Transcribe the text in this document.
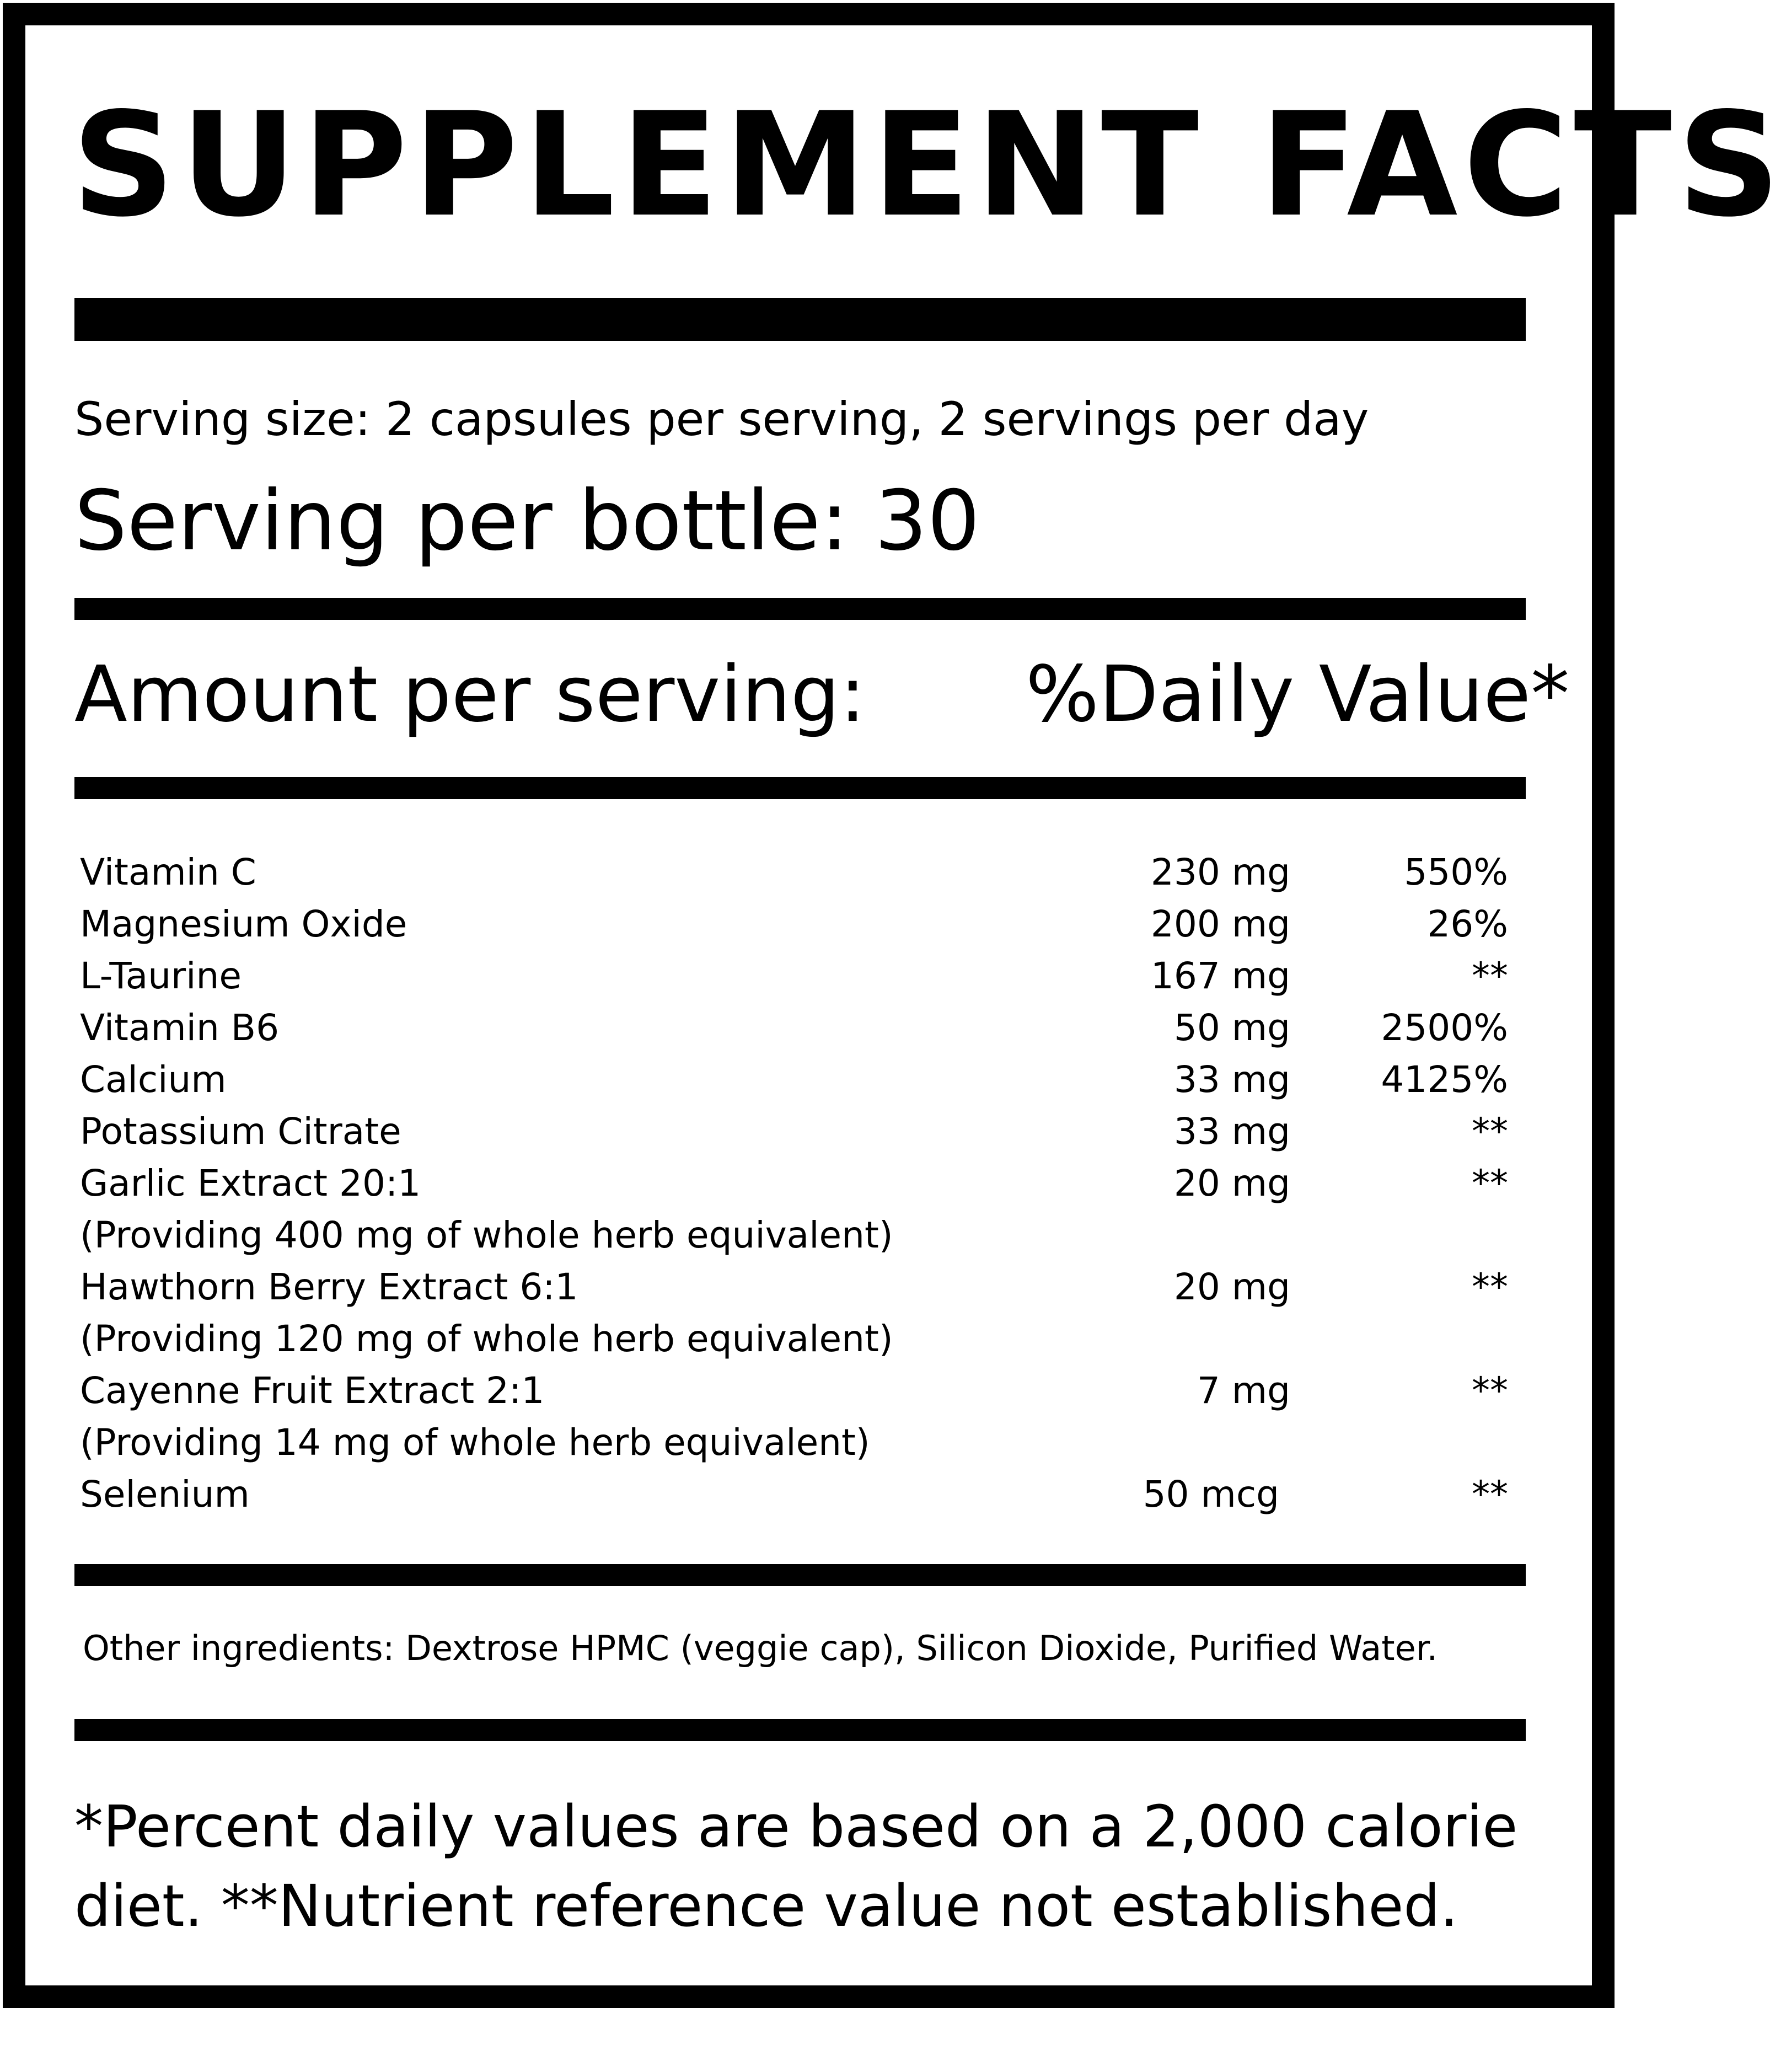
SUPPLEMENT FACTS
Serving size: 2 capsules per serving, 2 servings per day
Serving per bottle: 30
Amount per serving: %Daily Value*
Vitamin C	230 mg	550%
Magnesium Oxide	200 mg	26%
L-Taurine	167 mg	**
Vitamin B6	50 mg 2500%
Calcium	33 mg 4125%
Potassium Citrate	33 mg	**
Garlic Extract 20:1	20 mg	**
(Providing 400 mg of whole herb equivalent)
Hawthorn Berry Extract 6:1	20 mg	**
(Providing 120 mg of whole herb equivalent)
Cayenne Fruit Extract 2:1	7 mg	**
(Providing 14 mg of whole herb equivalent)
Selenium	50 mcg	**
Other ingredients: Dextrose HPMC (veggie cap), Silicon Dioxide, Purified Water.
*Percent daily values are based on a 2,000 calorie diet. **Nutrient reference value not established.
